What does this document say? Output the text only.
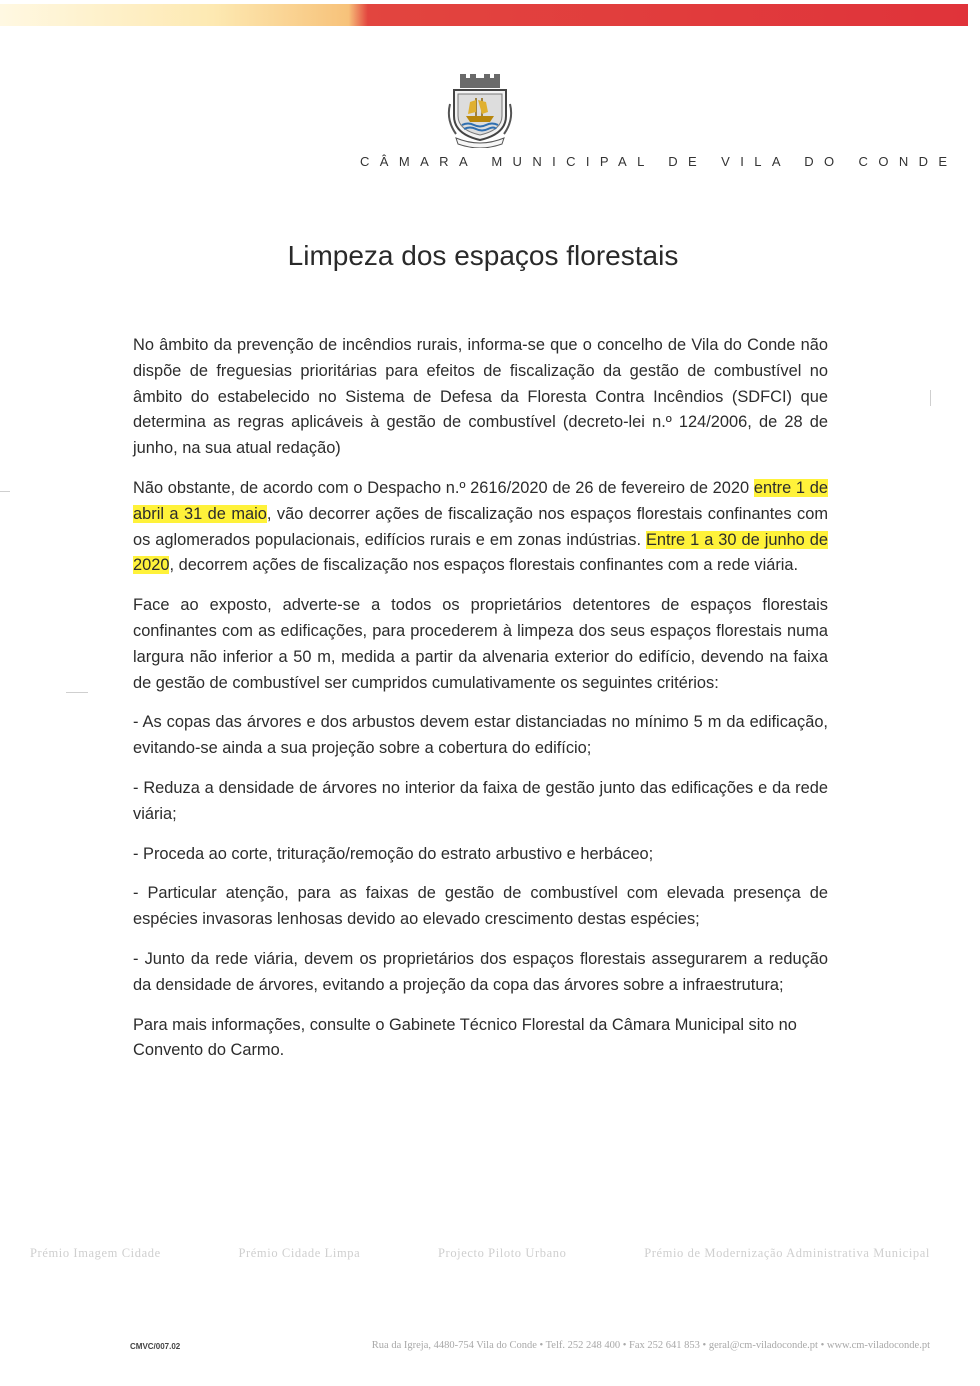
CÂMARA MUNICIPAL DE VILA DO CONDE
Limpeza dos espaços florestais

No âmbito da prevenção de incêndios rurais, informa-se que o concelho de Vila do Conde não dispõe de freguesias prioritárias para efeitos de fiscalização da gestão de combustível no âmbito do estabelecido no Sistema de Defesa da Floresta Contra Incêndios (SDFCI) que determina as regras aplicáveis à gestão de combustível (decreto-lei n.º 124/2006, de 28 de junho, na sua atual redação)

Não obstante, de acordo com o Despacho n.º 2616/2020 de 26 de fevereiro de 2020 entre 1 de abril a 31 de maio, vão decorrer ações de fiscalização nos espaços florestais confinantes com os aglomerados populacionais, edifícios rurais e em zonas indústrias. Entre 1 a 30 de junho de 2020, decorrem ações de fiscalização nos espaços florestais confinantes com a rede viária.

Face ao exposto, adverte-se a todos os proprietários detentores de espaços florestais confinantes com as edificações, para procederem à limpeza dos seus espaços florestais numa largura não inferior a 50 m, medida a partir da alvenaria exterior do edifício, devendo na faixa de gestão de combustível ser cumpridos cumulativamente os seguintes critérios:

- As copas das árvores e dos arbustos devem estar distanciadas no mínimo 5 m da edificação, evitando-se ainda a sua projeção sobre a cobertura do edifício;

- Reduza a densidade de árvores no interior da faixa de gestão junto das edificações e da rede viária;

- Proceda ao corte, trituração/remoção do estrato arbustivo e herbáceo;

- Particular atenção, para as faixas de gestão de combustível com elevada presença de espécies invasoras lenhosas devido ao elevado crescimento destas espécies;

- Junto da rede viária, devem os proprietários dos espaços florestais assegurarem a redução da densidade de árvores, evitando a projeção da copa das árvores sobre a infraestrutura;

Para mais informações, consulte o Gabinete Técnico Florestal da Câmara Municipal sito no Convento do Carmo.

Prémio Imagem Cidade	Prémio Cidade Limpa	Projecto Piloto Urbano	Prémio de Modernização Administrativa Municipal
CMVC/007.02	Rua da Igreja, 4480-754 Vila do Conde • Telf. 252 248 400 • Fax 252 641 853 • geral@cm-viladoconde.pt • www.cm-viladoconde.pt
